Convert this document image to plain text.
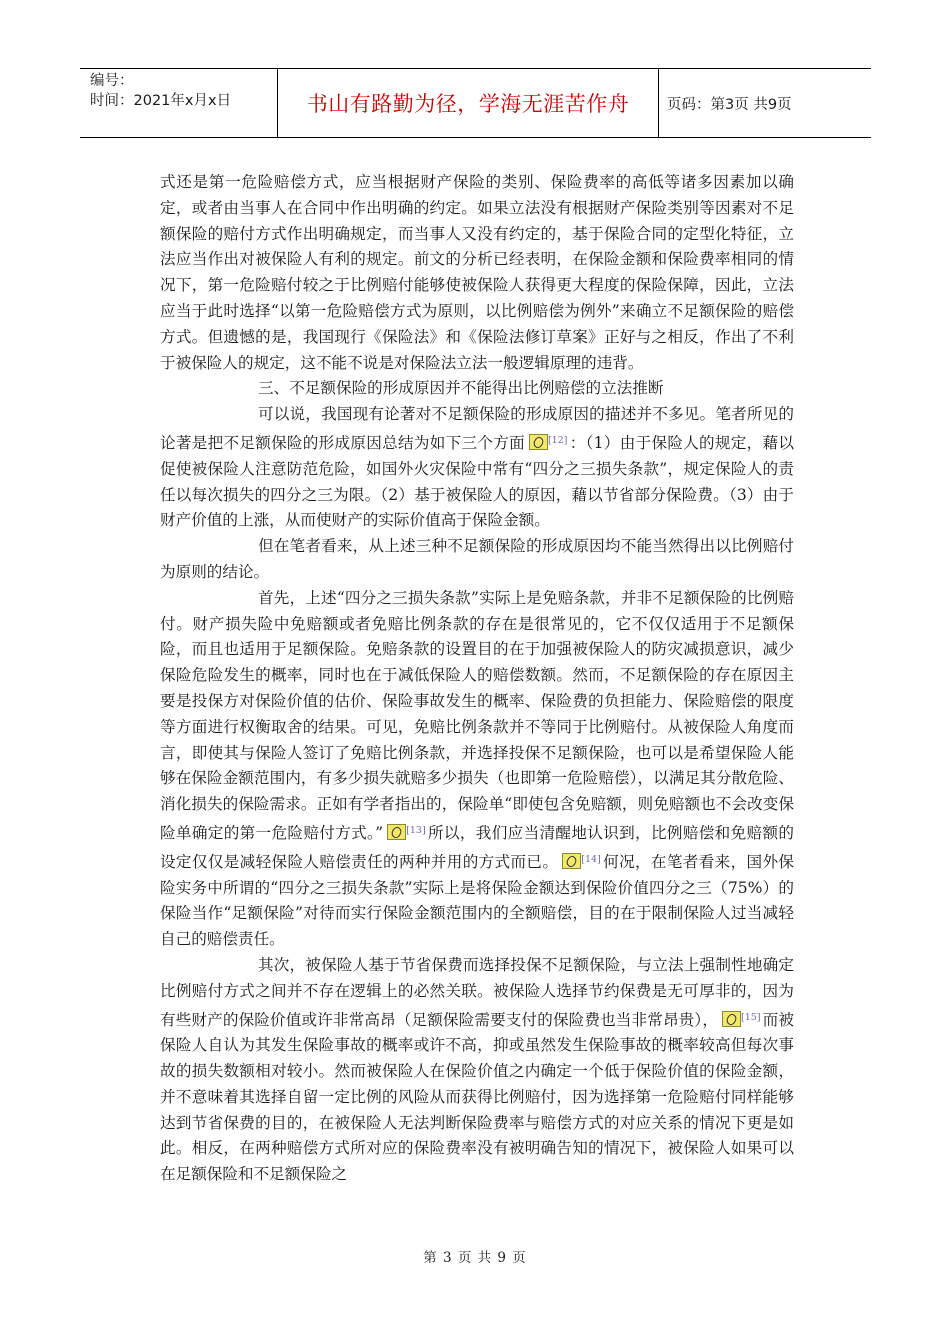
编号：
时间：2021年x月x日	书山有路勤为径，学海无涯苦作舟	页码：第3页 共9页

式还是第一危险赔偿方式，应当根据财产保险的类别、保险费率的高低等诸多因素加以确定，或者由当事人在合同中作出明确的约定。如果立法没有根据财产保险类别等因素对不足额保险的赔付方式作出明确规定，而当事人又没有约定的，基于保险合同的定型化特征，立法应当作出对被保险人有利的规定。前文的分析已经表明，在保险金额和保险费率相同的情况下，第一危险赔付较之于比例赔付能够使被保险人获得更大程度的保险保障，因此，立法应当于此时选择“以第一危险赔偿方式为原则，以比例赔偿为例外”来确立不足额保险的赔偿方式。但遗憾的是，我国现行《保险法》和《保险法修订草案》正好与之相反，作出了不利于被保险人的规定，这不能不说是对保险法立法一般逻辑原理的违背。

三、不足额保险的形成原因并不能得出比例赔偿的立法推断

可以说，我国现有论著对不足额保险的形成原因的描述并不多见。笔者所见的论著是把不足额保险的形成原因总结为如下三个方面 [12] ：（1）由于保险人的规定，藉以促使被保险人注意防范危险，如国外火灾保险中常有“四分之三损失条款”，规定保险人的责任以每次损失的四分之三为限。（2）基于被保险人的原因，藉以节省部分保险费。（3）由于财产价值的上涨，从而使财产的实际价值高于保险金额。

但在笔者看来，从上述三种不足额保险的形成原因均不能当然得出以比例赔付为原则的结论。

首先，上述“四分之三损失条款”实际上是免赔条款，并非不足额保险的比例赔付。财产损失险中免赔额或者免赔比例条款的存在是很常见的，它不仅仅适用于不足额保险，而且也适用于足额保险。免赔条款的设置目的在于加强被保险人的防灾减损意识，减少保险危险发生的概率，同时也在于减低保险人的赔偿数额。然而，不足额保险的存在原因主要是投保方对保险价值的估价、保险事故发生的概率、保险费的负担能力、保险赔偿的限度等方面进行权衡取舍的结果。可见，免赔比例条款并不等同于比例赔付。从被保险人角度而言，即使其与保险人签订了免赔比例条款，并选择投保不足额保险，也可以是希望保险人能够在保险金额范围内，有多少损失就赔多少损失（也即第一危险赔偿），以满足其分散危险、消化损失的保险需求。正如有学者指出的，保险单“即使包含免赔额，则免赔额也不会改变保险单确定的第一危险赔付方式。” [13] 所以，我们应当清醒地认识到，比例赔偿和免赔额的设定仅仅是减轻保险人赔偿责任的两种并用的方式而已。 [14] 何况，在笔者看来，国外保险实务中所谓的“四分之三损失条款”实际上是将保险金额达到保险价值四分之三（75%）的保险当作“足额保险”对待而实行保险金额范围内的全额赔偿，目的在于限制保险人过当减轻自己的赔偿责任。

其次，被保险人基于节省保费而选择投保不足额保险，与立法上强制性地确定比例赔付方式之间并不存在逻辑上的必然关联。被保险人选择节约保费是无可厚非的，因为有些财产的保险价值或许非常高昂（足额保险需要支付的保险费也当非常昂贵）， [15] 而被保险人自认为其发生保险事故的概率或许不高，抑或虽然发生保险事故的概率较高但每次事故的损失数额相对较小。然而被保险人在保险价值之内确定一个低于保险价值的保险金额，并不意味着其选择自留一定比例的风险从而获得比例赔付，因为选择第一危险赔付同样能够达到节省保费的目的，在被保险人无法判断保险费率与赔偿方式的对应关系的情况下更是如此。相反，在两种赔偿方式所对应的保险费率没有被明确告知的情况下，被保险人如果可以在足额保险和不足额保险之

第 3 页 共 9 页
